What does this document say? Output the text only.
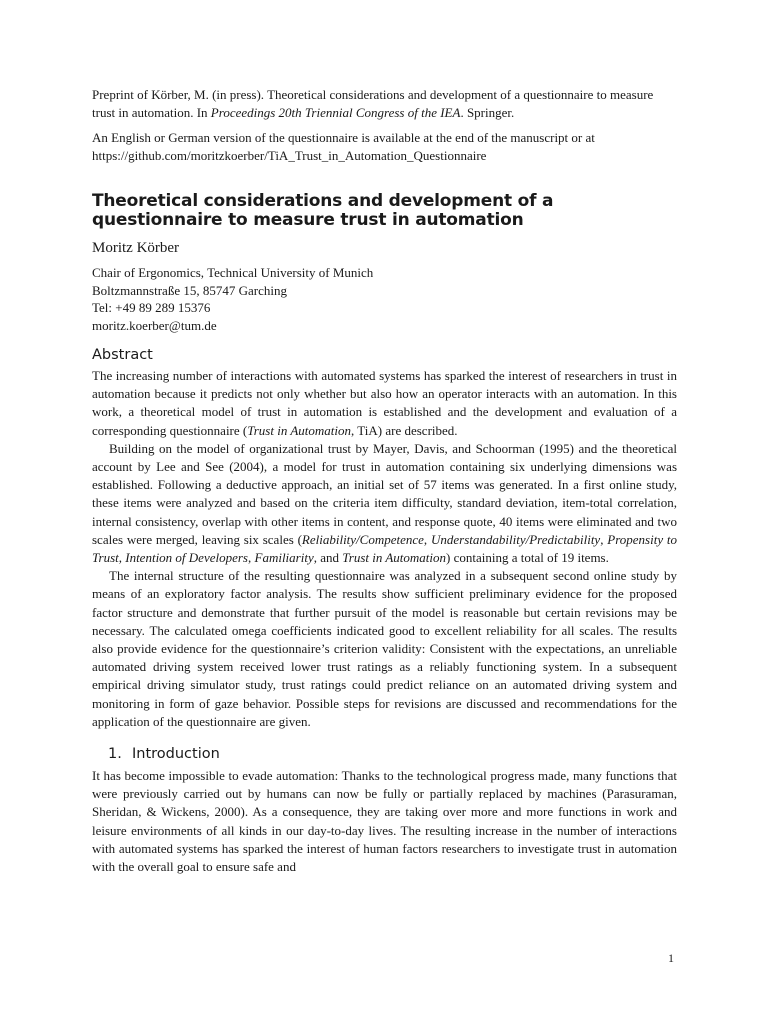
Preprint of Körber, M. (in press). Theoretical considerations and development of a questionnaire to measure trust in automation. In Proceedings 20th Triennial Congress of the IEA. Springer.

An English or German version of the questionnaire is available at the end of the manuscript or at https://github.com/moritzkoerber/TiA_Trust_in_Automation_Questionnaire

Theoretical considerations and development of a questionnaire to measure trust in automation

Moritz Körber

Chair of Ergonomics, Technical University of Munich

Boltzmannstraße 15, 85747 Garching

Tel: +49 89 289 15376

moritz.koerber@tum.de

Abstract

The increasing number of interactions with automated systems has sparked the interest of researchers in trust in automation because it predicts not only whether but also how an operator interacts with an automation. In this work, a theoretical model of trust in automation is established and the development and evaluation of a corresponding questionnaire (Trust in Automation, TiA) are described.

Building on the model of organizational trust by Mayer, Davis, and Schoorman (1995) and the theoretical account by Lee and See (2004), a model for trust in automation containing six underlying dimensions was established. Following a deductive approach, an initial set of 57 items was generated. In a first online study, these items were analyzed and based on the criteria item difficulty, standard deviation, item-total correlation, internal consistency, overlap with other items in content, and response quote, 40 items were eliminated and two scales were merged, leaving six scales (Reliability/Competence, Understandability/Predictability, Propensity to Trust, Intention of Developers, Familiarity, and Trust in Automation) containing a total of 19 items.

The internal structure of the resulting questionnaire was analyzed in a subsequent second online study by means of an exploratory factor analysis. The results show sufficient preliminary evidence for the proposed factor structure and demonstrate that further pursuit of the model is reasonable but certain revisions may be necessary. The calculated omega coefficients indicated good to excellent reliability for all scales. The results also provide evidence for the questionnaire’s criterion validity: Consistent with the expectations, an unreliable automated driving system received lower trust ratings as a reliably functioning system. In a subsequent empirical driving simulator study, trust ratings could predict reliance on an automated driving system and monitoring in form of gaze behavior. Possible steps for revisions are discussed and recommendations for the application of the questionnaire are given.

1. Introduction

It has become impossible to evade automation: Thanks to the technological progress made, many functions that were previously carried out by humans can now be fully or partially replaced by machines (Parasuraman, Sheridan, & Wickens, 2000). As a consequence, they are taking over more and more functions in work and leisure environments of all kinds in our day-to-day lives. The resulting increase in the number of interactions with automated systems has sparked the interest of human factors researchers to investigate trust in automation with the overall goal to ensure safe and

1
